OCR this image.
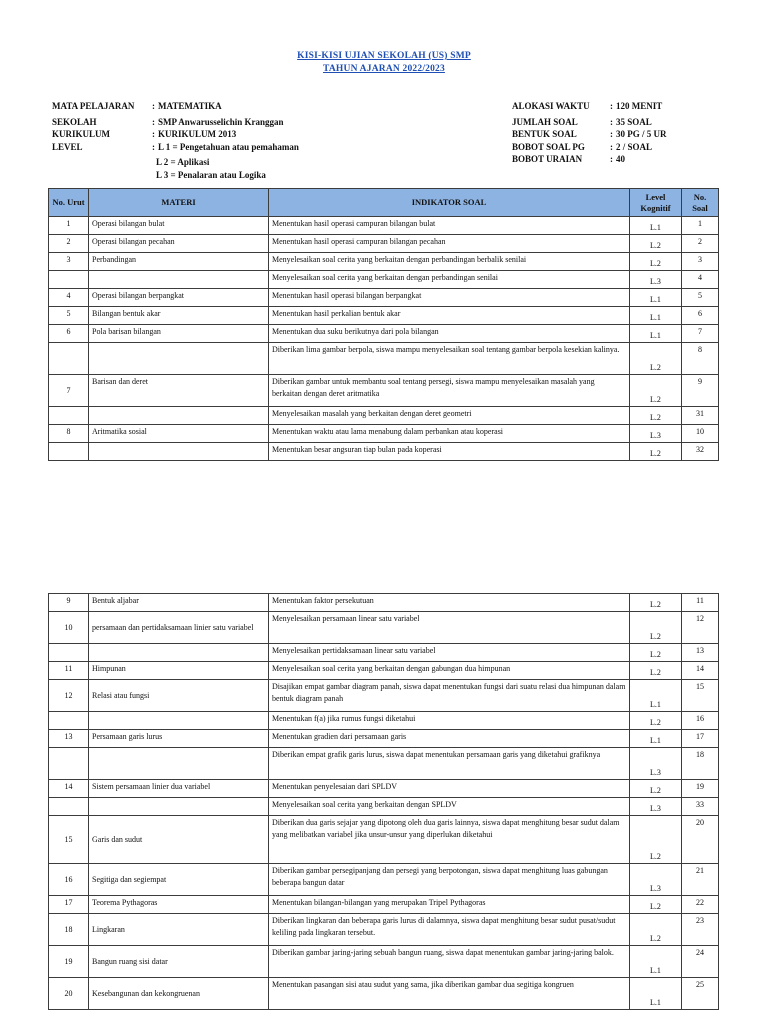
KISI-KISI UJIAN SEKOLAH (US) SMP
TAHUN AJARAN 2022/2023
MATA PELAJARAN : MATEMATIKA
SEKOLAH	: SMP Anwarusselichin Kranggan
KURIKULUM	: KURIKULUM 2013
LEVEL	: L 1 = Pengetahuan atau pemahaman
L 2 = Aplikasi
L 3 = Penalaran atau Logika
ALOKASI WAKTU : 120 MENIT
JUMLAH SOAL	: 35 SOAL
BENTUK SOAL	: 30 PG / 5 UR
BOBOT SOAL PG	: 2 / SOAL
BOBOT URAIAN	: 40
No. Urut	MATERI	INDIKATOR SOAL	Level Kognitif	No. Soal
1	Operasi bilangan bulat	Menentukan hasil operasi campuran bilangan bulat	L.1	1
2	Operasi bilangan pecahan	Menentukan hasil operasi campuran bilangan pecahan	L.2	2
3	Perbandingan	Menyelesaikan soal cerita yang berkaitan dengan perbandingan berbalik senilai	L.2	3
		Menyelesaikan soal cerita yang berkaitan dengan perbandingan senilai	L.3	4
4	Operasi bilangan berpangkat	Menentukan hasil operasi bilangan berpangkat	L.1	5
5	Bilangan bentuk akar	Menentukan hasil perkalian bentuk akar	L.1	6
6	Pola barisan bilangan	Menentukan dua suku berikutnya dari pola bilangan	L.1	7
		Diberikan lima gambar berpola, siswa mampu menyelesaikan soal tentang gambar berpola kesekian kalinya.	L.2	8
7	Barisan dan deret	Diberikan gambar untuk membantu soal tentang persegi, siswa mampu menyelesaikan masalah yang berkaitan dengan deret aritmatika	L.2	9
		Menyelesaikan masalah yang berkaitan dengan deret geometri	L.2	31
8	Aritmatika sosial	Menentukan waktu atau lama menabung dalam perbankan atau koperasi	L.3	10
		Menentukan besar angsuran tiap bulan pada koperasi	L.2	32
9	Bentuk aljabar	Menentukan faktor persekutuan	L.2	11
10	persamaan dan pertidaksamaan linier satu variabel	Menyelesaikan persamaan linear satu variabel	L.2	12
		Menyelesaikan pertidaksamaan linear satu variabel	L.2	13
11	Himpunan	Menyelesaikan soal cerita yang berkaitan dengan gabungan dua himpunan	L.2	14
12	Relasi atau fungsi	Disajikan empat gambar diagram panah, siswa dapat menentukan fungsi dari suatu relasi dua himpunan dalam bentuk diagram panah	L.1	15
		Menentukan f(a) jika rumus fungsi diketahui	L.2	16
13	Persamaan garis lurus	Menentukan gradien dari persamaan garis	L.1	17
		Diberikan empat grafik garis lurus, siswa dapat menentukan persamaan garis yang diketahui grafiknya	L.3	18
14	Sistem persamaan linier dua variabel	Menentukan penyelesaian dari SPLDV	L.2	19
		Menyelesaikan soal cerita yang berkaitan dengan SPLDV	L.3	33
15	Garis dan sudut	Diberikan dua garis sejajar yang dipotong oleh dua garis lainnya, siswa dapat menghitung besar sudut dalam yang melibatkan variabel jika unsur-unsur yang diperlukan diketahui	L.2	20
16	Segitiga dan segiempat	Diberikan gambar persegipanjang dan persegi yang berpotongan, siswa dapat menghitung luas gabungan beberapa bangun datar	L.3	21
17	Teorema Pythagoras	Menentukan bilangan-bilangan yang merupakan Tripel Pythagoras	L.2	22
18	Lingkaran	Diberikan lingkaran dan beberapa garis lurus di dalamnya, siswa dapat menghitung besar sudut pusat/sudut keliling pada lingkaran tersebut.	L.2	23
19	Bangun ruang sisi datar	Diberikan gambar jaring-jaring sebuah bangun ruang, siswa dapat menentukan gambar jaring-jaring balok.	L.1	24
20	Kesebangunan dan kekongruenan	Menentukan pasangan sisi atau sudut yang sama, jika diberikan gambar dua segitiga kongruen	L.1	25
